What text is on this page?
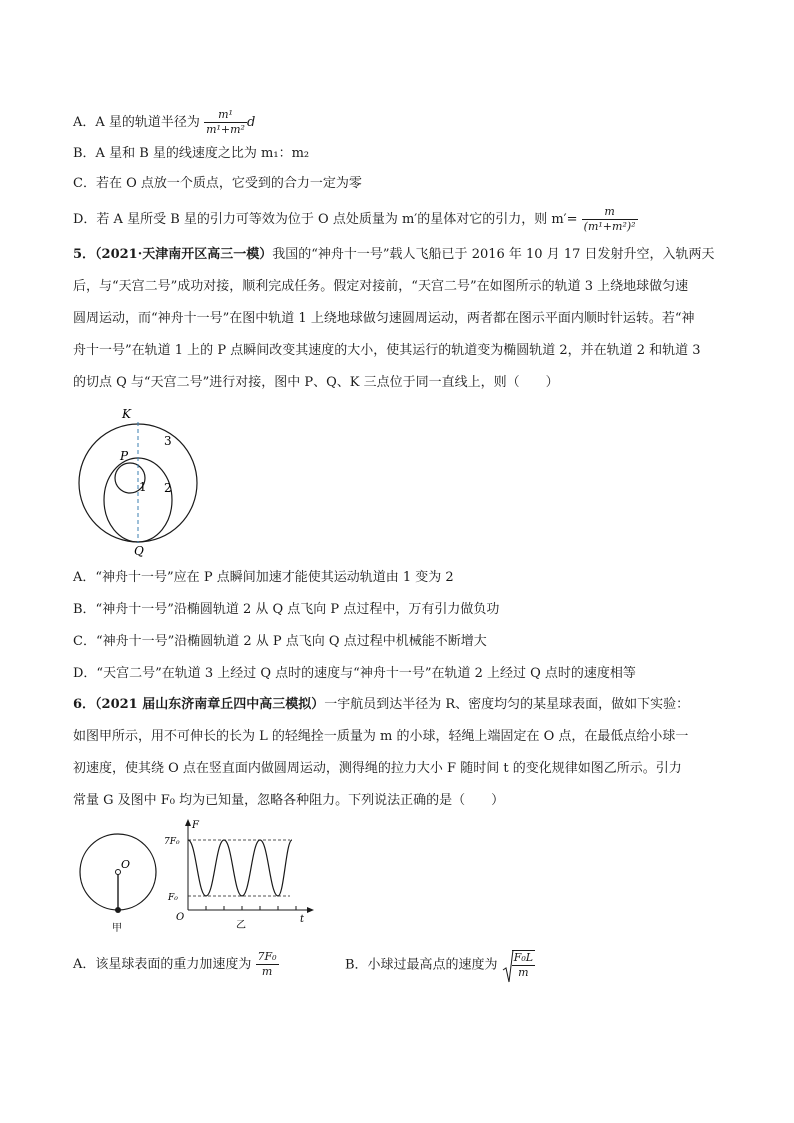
A．A 星的轨道半径为 $\frac{\text{m¹}}{\text{m¹+m²}}$ d
B．A 星和 B 星的线速度之比为 m₁：m₂
C．若在 O 点放一个质点，它受到的合力一定为零
D．若 A 星所受 B 星的引力可等效为位于 O 点处质量为 m′的星体对它的引力，则 $m'= \frac{m}{\text{(m¹+m²)²}}$
5．（2021·天津南开区高三一模）我国的“神舟十一号”载人飞船已于 2016 年 10 月 17 日发射升空，入轨两天
后，与“天宫二号”成功对接，顺利完成任务。假定对接前，“天宫二号”在如图所示的轨道 3 上绕地球做匀速
圆周运动，而“神舟十一号”在图中轨道 1 上绕地球做匀速圆周运动，两者都在图示平面内顺时针运转。若“神
舟十一号”在轨道 1 上的 P 点瞬间改变其速度的大小，使其运行的轨道变为椭圆轨道 2，并在轨道 2 和轨道 3
的切点 Q 与“天宫二号”进行对接，图中 P、Q、K 三点位于同一直线上，则（　　）
K
P
Q
1 2
3
A．“神舟十一号”应在 P 点瞬间加速才能使其运动轨道由 1 变为 2
B．“神舟十一号”沿椭圆轨道 2 从 Q 点飞向 P 点过程中，万有引力做负功
C．“神舟十一号”沿椭圆轨道 2 从 P 点飞向 Q 点过程中机械能不断增大
D．“天宫二号”在轨道 3 上经过 Q 点时的速度与“神舟十一号”在轨道 2 上经过 Q 点时的速度相等
6．（2021 届山东济南章丘四中高三模拟）一宇航员到达半径为 R、密度均匀的某星球表面，做如下实验：
如图甲所示，用不可伸长的长为 L 的轻绳拴一质量为 m 的小球，轻绳上端固定在 O 点，在最低点给小球一
初速度，使其绕 O 点在竖直面内做圆周运动，测得绳的拉力大小 F 随时间 t 的变化规律如图乙所示。引力
常量 G 及图中 F₀ 均为已知量，忽略各种阻力。下列说法正确的是（　　）
O
甲
F
7F₀
F₀
O	t
乙
A．该星球表面的重力加速度为 $\frac{\text{7F₀}}{m}$	B．小球过最高点的速度为 $\frac{\text{F₀L}}{m}$
